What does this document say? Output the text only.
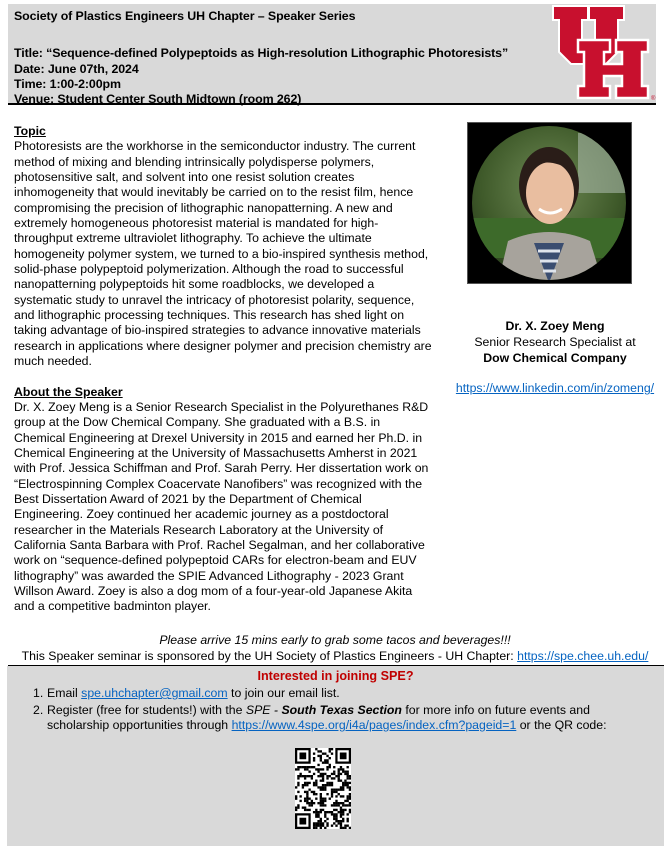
Society of Plastics Engineers UH Chapter – Speaker Series
Title: “Sequence-defined Polypeptoids as High-resolution Lithographic Photoresists”
Date: June 07th, 2024
Time: 1:00-2:00pm
Venue: Student Center South Midtown (room 262)	®
Topic
Photoresists are the workhorse in the semiconductor industry. The current method of mixing and blending intrinsically polydisperse polymers, photosensitive salt, and solvent into one resist solution creates inhomogeneity that would inevitably be carried on to the resist film, hence compromising the precision of lithographic nanopatterning. A new and extremely homogeneous photoresist material is mandated for high-throughput extreme ultraviolet lithography. To achieve the ultimate homogeneity polymer system, we turned to a bio-inspired synthesis method, solid-phase polypeptoid polymerization. Although the road to successful nanopatterning polypeptoids hit some roadblocks, we developed a systematic study to unravel the intricacy of photoresist polarity, sequence, and lithographic processing techniques. This research has shed light on taking advantage of bio-inspired strategies to advance innovative materials research in applications where designer polymer and precision chemistry are much needed.
About the Speaker
Dr. X. Zoey Meng is a Senior Research Specialist in the Polyurethanes R&D group at the Dow Chemical Company. She graduated with a B.S. in Chemical Engineering at Drexel University in 2015 and earned her Ph.D. in Chemical Engineering at the University of Massachusetts Amherst in 2021 with Prof. Jessica Schiffman and Prof. Sarah Perry. Her dissertation work on “Electrospinning Complex Coacervate Nanofibers” was recognized with the Best Dissertation Award of 2021 by the Department of Chemical Engineering. Zoey continued her academic journey as a postdoctoral researcher in the Materials Research Laboratory at the University of California Santa Barbara with Prof. Rachel Segalman, and her collaborative work on “sequence-defined polypeptoid CARs for electron-beam and EUV lithography” was awarded the SPIE Advanced Lithography - 2023 Grant Willson Award. Zoey is also a dog mom of a four-year-old Japanese Akita and a competitive badminton player.
Dr. X. Zoey Meng
Senior Research Specialist at
Dow Chemical Company
https://www.linkedin.com/in/zomeng/
Please arrive 15 mins early to grab some tacos and beverages!!!
This Speaker seminar is sponsored by the UH Society of Plastics Engineers - UH Chapter: https://spe.chee.uh.edu/
Interested in joining SPE?
1. Email spe.uhchapter@gmail.com to join our email list.
2. Register (free for students!) with the SPE - South Texas Section for more info on future events and scholarship opportunities through https://www.4spe.org/i4a/pages/index.cfm?pageid=1 or the QR code:
